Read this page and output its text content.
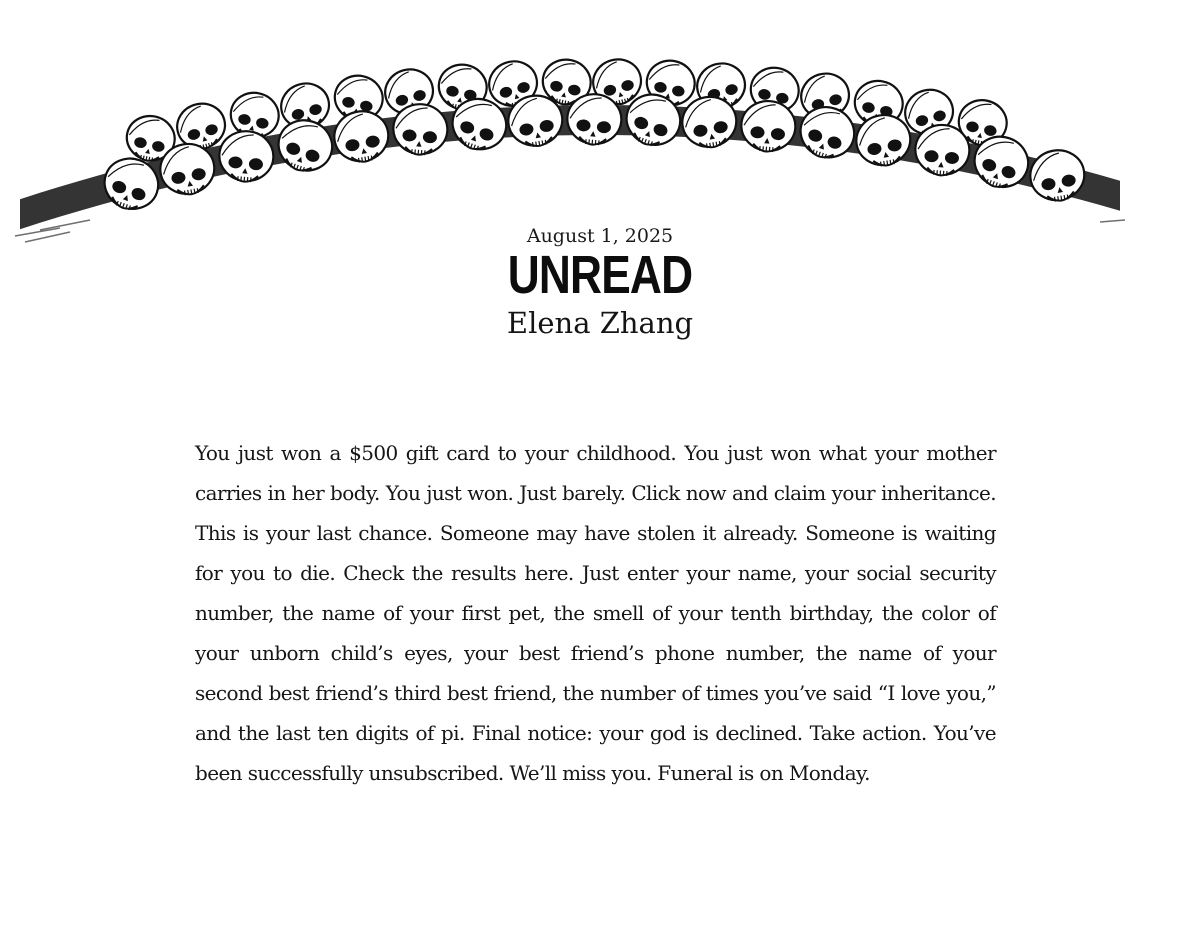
August 1, 2025
UNREAD
Elena Zhang
You just won a $500 gift card to your childhood. You just won what your mother carries in her body. You just won. Just barely. Click now and claim your inheritance. This is your last chance. Someone may have stolen it already. Someone is waiting for you to die. Check the results here. Just enter your name, your social security number, the name of your first pet, the smell of your tenth birthday, the color of your unborn child’s eyes, your best friend’s phone number, the name of your second best friend’s third best friend, the number of times you’ve said “I love you,” and the last ten digits of pi. Final notice: your god is declined. Take action. You’ve been successfully unsubscribed. We’ll miss you. Funeral is on Monday.
